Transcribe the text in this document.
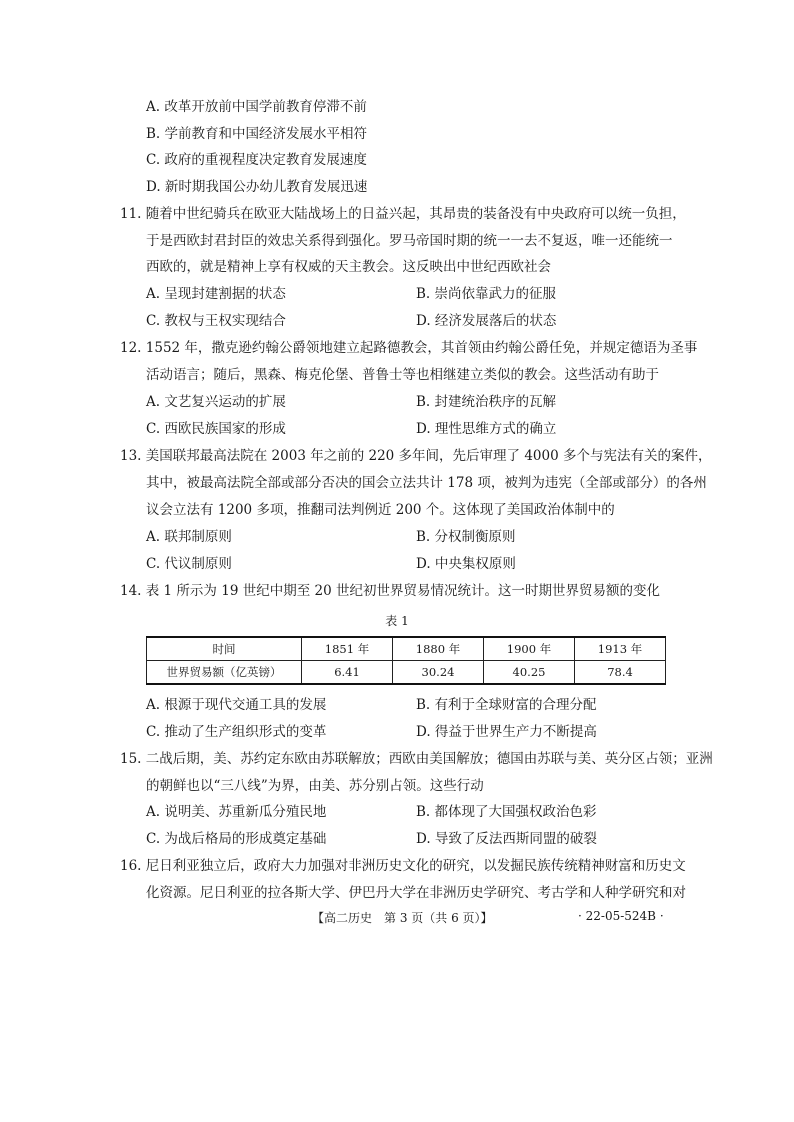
A. 改革开放前中国学前教育停滞不前
B. 学前教育和中国经济发展水平相符
C. 政府的重视程度决定教育发展速度
D. 新时期我国公办幼儿教育发展迅速
11. 随着中世纪骑兵在欧亚大陆战场上的日益兴起，其昂贵的装备没有中央政府可以统一负担，
于是西欧封君封臣的效忠关系得到强化。罗马帝国时期的统一一去不复返，唯一还能统一
西欧的，就是精神上享有权威的天主教会。这反映出中世纪西欧社会
A. 呈现封建割据的状态	B. 崇尚依靠武力的征服
C. 教权与王权实现结合	D. 经济发展落后的状态
12. 1552 年，撒克逊约翰公爵领地建立起路德教会，其首领由约翰公爵任免，并规定德语为圣事
活动语言；随后，黑森、梅克伦堡、普鲁士等也相继建立类似的教会。这些活动有助于
A. 文艺复兴运动的扩展	B. 封建统治秩序的瓦解
C. 西欧民族国家的形成	D. 理性思维方式的确立
13. 美国联邦最高法院在 2003 年之前的 220 多年间，先后审理了 4000 多个与宪法有关的案件，
其中，被最高法院全部或部分否决的国会立法共计 178 项，被判为违宪（全部或部分）的各州
议会立法有 1200 多项，推翻司法判例近 200 个。这体现了美国政治体制中的
A. 联邦制原则	B. 分权制衡原则
C. 代议制原则	D. 中央集权原则
14. 表 1 所示为 19 世纪中期至 20 世纪初世界贸易情况统计。这一时期世界贸易额的变化
表 1
时间	1851 年	1880 年	1900 年	1913 年
世界贸易额（亿英镑）	6.41	30.24	40.25	78.4
A. 根源于现代交通工具的发展	B. 有利于全球财富的合理分配
C. 推动了生产组织形式的变革	D. 得益于世界生产力不断提高
15. 二战后期，美、苏约定东欧由苏联解放；西欧由美国解放；德国由苏联与美、英分区占领；亚洲
的朝鲜也以“三八线”为界，由美、苏分别占领。这些行动
A. 说明美、苏重新瓜分殖民地	B. 都体现了大国强权政治色彩
C. 为战后格局的形成奠定基础	D. 导致了反法西斯同盟的破裂
16. 尼日利亚独立后，政府大力加强对非洲历史文化的研究，以发掘民族传统精神财富和历史文
化资源。尼日利亚的拉各斯大学、伊巴丹大学在非洲历史学研究、考古学和人种学研究和对
【高二历史　第 3 页（共 6 页）】	· 22-05-524B ·
